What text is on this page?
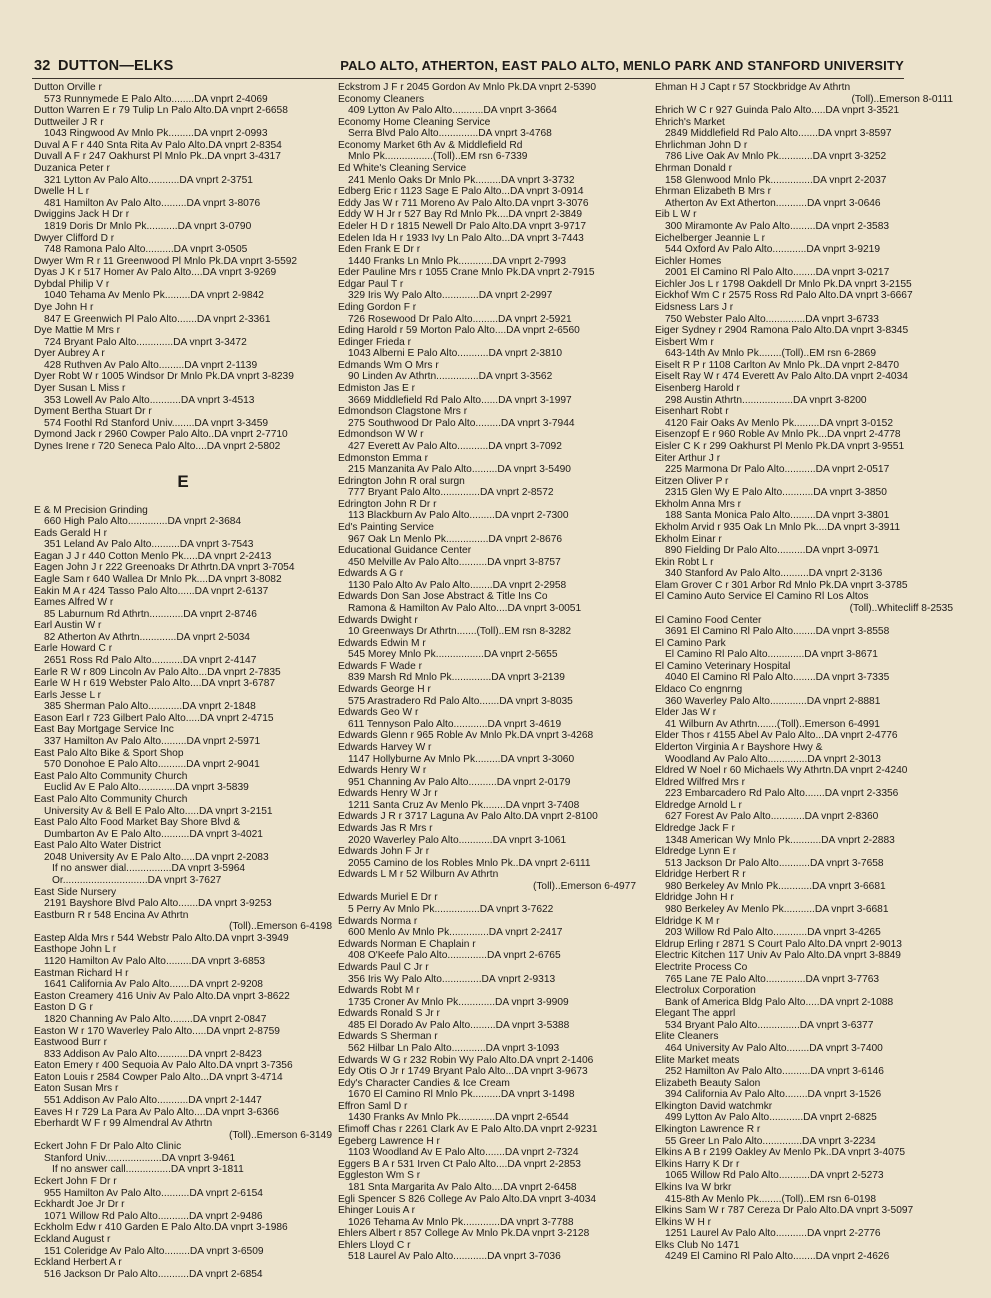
32 DUTTON—ELKS	PALO ALTO, ATHERTON, EAST PALO ALTO, MENLO PARK AND STANFORD UNIVERSITY
Dutton Orville r
573 Runnymede E Palo Alto........DA vnprt 2-4069
Dutton Warren E r 79 Tulip Ln Palo Alto.DA vnprt 2-6658
Duttweiler J R r
1043 Ringwood Av Mnlo Pk.........DA vnprt 2-0993
Duval A F r 440 Snta Rita Av Palo Alto.DA vnprt 2-8354
Duvall A F r 247 Oakhurst Pl Mnlo Pk..DA vnprt 3-4317
Duzanica Peter r
321 Lytton Av Palo Alto...........DA vnprt 2-3751
Dwelle H L r
481 Hamilton Av Palo Alto.........DA vnprt 3-8076
Dwiggins Jack H Dr r
1819 Doris Dr Mnlo Pk...........DA vnprt 3-0790
Dwyer Clifford D r
748 Ramona Palo Alto..........DA vnprt 3-0505
Dwyer Wm R r 11 Greenwood Pl Mnlo Pk.DA vnprt 3-5592
Dyas J K r 517 Homer Av Palo Alto....DA vnprt 3-9269
Dybdal Philip V r
1040 Tehama Av Menlo Pk.........DA vnprt 2-9842
Dye John H r
847 E Greenwich Pl Palo Alto.......DA vnprt 2-3361
Dye Mattie M Mrs r
724 Bryant Palo Alto.............DA vnprt 3-3472
Dyer Aubrey A r
428 Ruthven Av Palo Alto.........DA vnprt 2-1139
Dyer Robt W r 1005 Windsor Dr Mnlo Pk.DA vnprt 3-8239
Dyer Susan L Miss r
353 Lowell Av Palo Alto...........DA vnprt 3-4513
Dyment Bertha Stuart Dr r
574 Foothl Rd Stanford Univ........DA vnprt 3-3459
Dymond Jack r 2960 Cowper Palo Alto..DA vnprt 2-7710
Dynes Irene r 720 Seneca Palo Alto....DA vnprt 2-5802
E
E & M Precision Grinding
660 High Palo Alto..............DA vnprt 2-3684
Eads Gerald H r
351 Leland Av Palo Alto..........DA vnprt 3-7543
Eagan J J r 440 Cotton Menlo Pk.....DA vnprt 2-2413
Eagen John J r 222 Greenoaks Dr Athrtn.DA vnprt 3-7054
Eagle Sam r 640 Wallea Dr Mnlo Pk....DA vnprt 3-8082
Eakin M A r 424 Tasso Palo Alto......DA vnprt 2-6137
Eames Alfred W r
85 Laburnum Rd Athrtn............DA vnprt 2-8746
Earl Austin W r
82 Atherton Av Athrtn.............DA vnprt 2-5034
Earle Howard C r
2651 Ross Rd Palo Alto...........DA vnprt 2-4147
Earle R W r 809 Lincoln Av Palo Alto...DA vnprt 2-7835
Earle W H r 619 Webster Palo Alto....DA vnprt 3-6787
Earls Jesse L r
385 Sherman Palo Alto............DA vnprt 2-1848
Eason Earl r 723 Gilbert Palo Alto.....DA vnprt 2-4715
East Bay Mortgage Service Inc
337 Hamilton Av Palo Alto.........DA vnprt 2-5971
East Palo Alto Bike & Sport Shop
570 Donohoe E Palo Alto..........DA vnprt 2-9041
East Palo Alto Community Church
Euclid Av E Palo Alto.............DA vnprt 3-5839
East Palo Alto Community Church
University Av & Bell E Palo Alto.....DA vnprt 3-2151
East Palo Alto Food Market Bay Shore Blvd &
Dumbarton Av E Palo Alto..........DA vnprt 3-4021
East Palo Alto Water District
2048 University Av E Palo Alto.....DA vnprt 2-2083
If no answer dial................DA vnprt 3-5964
Or..............................DA vnprt 3-7627
East Side Nursery
2191 Bayshore Blvd Palo Alto.......DA vnprt 3-9253
Eastburn R r 548 Encina Av Athrtn
(Toll)..Emerson 6-4198
Eastep Alda Mrs r 544 Webstr Palo Alto.DA vnprt 3-3949
Easthope John L r
1120 Hamilton Av Palo Alto.........DA vnprt 3-6853
Eastman Richard H r
1641 California Av Palo Alto.......DA vnprt 2-9208
Easton Creamery 416 Univ Av Palo Alto.DA vnprt 3-8622
Easton D G r
1820 Channing Av Palo Alto........DA vnprt 2-0847
Easton W r 170 Waverley Palo Alto.....DA vnprt 2-8759
Eastwood Burr r
833 Addison Av Palo Alto...........DA vnprt 2-8423
Eaton Emery r 400 Sequoia Av Palo Alto.DA vnprt 3-7356
Eaton Louis r 2584 Cowper Palo Alto...DA vnprt 3-4714
Eaton Susan Mrs r
551 Addison Av Palo Alto...........DA vnprt 2-1447
Eaves H r 729 La Para Av Palo Alto....DA vnprt 3-6366
Eberhardt W F r 99 Almendral Av Athrtn
(Toll)..Emerson 6-3149
Eckert John F Dr Palo Alto Clinic
Stanford Univ....................DA vnprt 3-9461
If no answer call................DA vnprt 3-1811
Eckert John F Dr r
955 Hamilton Av Palo Alto..........DA vnprt 2-6154
Eckhardt Joe Jr Dr r
1071 Willow Rd Palo Alto...........DA vnprt 2-9486
Eckholm Edw r 410 Garden E Palo Alto.DA vnprt 3-1986
Eckland August r
151 Coleridge Av Palo Alto.........DA vnprt 3-6509
Eckland Herbert A r
516 Jackson Dr Palo Alto...........DA vnprt 2-6854
Eckstrom J F r 2045 Gordon Av Mnlo Pk.DA vnprt 2-5390
Economy Cleaners
409 Lytton Av Palo Alto...........DA vnprt 3-3664
Economy Home Cleaning Service
Serra Blvd Palo Alto..............DA vnprt 3-4768
Economy Market 6th Av & Middlefield Rd
Mnlo Pk.................(Toll)..EM rsn 6-7339
Ed White's Cleaning Service
241 Menlo Oaks Dr Mnlo Pk.........DA vnprt 3-3732
Edberg Eric r 1123 Sage E Palo Alto...DA vnprt 3-0914
Eddy Jas W r 711 Moreno Av Palo Alto.DA vnprt 3-3076
Eddy W H Jr r 527 Bay Rd Mnlo Pk....DA vnprt 2-3849
Edeler H D r 1815 Newell Dr Palo Alto.DA vnprt 3-9717
Edelen Ida H r 1933 Ivy Ln Palo Alto...DA vnprt 3-7443
Eden Frank E Dr r
1440 Franks Ln Mnlo Pk............DA vnprt 2-7993
Eder Pauline Mrs r 1055 Crane Mnlo Pk.DA vnprt 2-7915
Edgar Paul T r
329 Iris Wy Palo Alto.............DA vnprt 2-2997
Eding Gordon F r
726 Rosewood Dr Palo Alto.........DA vnprt 2-5921
Eding Harold r 59 Morton Palo Alto....DA vnprt 2-6560
Edinger Frieda r
1043 Alberni E Palo Alto...........DA vnprt 2-3810
Edmands Wm O Mrs r
90 Linden Av Athrtn...............DA vnprt 3-3562
Edmiston Jas E r
3669 Middlefield Rd Palo Alto......DA vnprt 3-1997
Edmondson Clagstone Mrs r
275 Southwood Dr Palo Alto.........DA vnprt 3-7944
Edmondson W W r
427 Everett Av Palo Alto...........DA vnprt 3-7092
Edmonston Emma r
215 Manzanita Av Palo Alto.........DA vnprt 3-5490
Edrington John R oral surgn
777 Bryant Palo Alto..............DA vnprt 2-8572
Edrington John R Dr r
113 Blackburn Av Palo Alto.........DA vnprt 2-7300
Ed's Painting Service
967 Oak Ln Menlo Pk...............DA vnprt 2-8676
Educational Guidance Center
450 Melville Av Palo Alto..........DA vnprt 3-8757
Edwards A G r
1130 Palo Alto Av Palo Alto........DA vnprt 2-2958
Edwards Don San Jose Abstract & Title Ins Co
Ramona & Hamilton Av Palo Alto....DA vnprt 3-0051
Edwards Dwight r
10 Greenways Dr Athrtn.......(Toll)..EM rsn 8-3282
Edwards Edwin M r
545 Morey Mnlo Pk.................DA vnprt 2-5655
Edwards F Wade r
839 Marsh Rd Mnlo Pk..............DA vnprt 3-2139
Edwards George H r
575 Arastradero Rd Palo Alto.......DA vnprt 3-8035
Edwards Geo W r
611 Tennyson Palo Alto............DA vnprt 3-4619
Edwards Glenn r 965 Roble Av Mnlo Pk.DA vnprt 3-4268
Edwards Harvey W r
1147 Hollyburne Av Mnlo Pk.........DA vnprt 3-3060
Edwards Henry W r
951 Channing Av Palo Alto..........DA vnprt 2-0179
Edwards Henry W Jr r
1211 Santa Cruz Av Menlo Pk........DA vnprt 3-7408
Edwards J R r 3717 Laguna Av Palo Alto.DA vnprt 2-8100
Edwards Jas R Mrs r
2020 Waverley Palo Alto............DA vnprt 3-1061
Edwards John F Jr r
2055 Camino de los Robles Mnlo Pk..DA vnprt 2-6111
Edwards L M r 52 Wilburn Av Athrtn
(Toll)..Emerson 6-4977
Edwards Muriel E Dr r
5 Perry Av Mnlo Pk................DA vnprt 3-7622
Edwards Norma r
600 Menlo Av Mnlo Pk..............DA vnprt 2-2417
Edwards Norman E Chaplain r
408 O'Keefe Palo Alto..............DA vnprt 2-6765
Edwards Paul C Jr r
356 Iris Wy Palo Alto..............DA vnprt 2-9313
Edwards Robt M r
1735 Croner Av Mnlo Pk.............DA vnprt 3-9909
Edwards Ronald S Jr r
485 El Dorado Av Palo Alto.........DA vnprt 3-5388
Edwards S Sherman r
562 Hilbar Ln Palo Alto............DA vnprt 3-1093
Edwards W G r 232 Robin Wy Palo Alto.DA vnprt 2-1406
Edy Otis O Jr r 1749 Bryant Palo Alto...DA vnprt 3-9673
Edy's Character Candies & Ice Cream
1670 El Camino Rl Mnlo Pk..........DA vnprt 3-1498
Effron Saml D r
1430 Franks Av Mnlo Pk.............DA vnprt 2-6544
Efimoff Chas r 2261 Clark Av E Palo Alto.DA vnprt 2-9231
Egeberg Lawrence H r
1103 Woodland Av E Palo Alto.......DA vnprt 2-7324
Eggers B A r 531 Irven Ct Palo Alto....DA vnprt 2-2853
Eggleston Wm S r
181 Snta Margarita Av Palo Alto....DA vnprt 2-6458
Egli Spencer S 826 College Av Palo Alto.DA vnprt 3-4034
Ehinger Louis A r
1026 Tehama Av Mnlo Pk.............DA vnprt 3-7788
Ehlers Albert r 857 College Av Mnlo Pk.DA vnprt 3-2128
Ehlers Lloyd C r
518 Laurel Av Palo Alto............DA vnprt 3-7036
Ehman H J Capt r 57 Stockbridge Av Athrtn
(Toll)..Emerson 8-0111
Ehrich W C r 927 Guinda Palo Alto.....DA vnprt 3-3521
Ehrich's Market
2849 Middlefield Rd Palo Alto.......DA vnprt 3-8597
Ehrlichman John D r
786 Live Oak Av Mnlo Pk............DA vnprt 3-3252
Ehrman Donald r
158 Glenwood Mnlo Pk...............DA vnprt 2-2037
Ehrman Elizabeth B Mrs r
Atherton Av Ext Atherton...........DA vnprt 3-0646
Eib L W r
300 Miramonte Av Palo Alto.........DA vnprt 2-3583
Eichelberger Jeannie L r
544 Oxford Av Palo Alto............DA vnprt 3-9219
Eichler Homes
2001 El Camino Rl Palo Alto........DA vnprt 3-0217
Eichler Jos L r 1798 Oakdell Dr Mnlo Pk.DA vnprt 3-2155
Eickhof Wm C r 2575 Ross Rd Palo Alto.DA vnprt 3-6667
Eidsness Lars J r
750 Webster Palo Alto..............DA vnprt 3-6733
Eiger Sydney r 2904 Ramona Palo Alto.DA vnprt 3-8345
Eisbert Wm r
643-14th Av Mnlo Pk........(Toll)..EM rsn 6-2869
Eiselt R P r 1108 Carlton Av Mnlo Pk..DA vnprt 2-8470
Eiselt Ray W r 474 Everett Av Palo Alto.DA vnprt 2-4034
Eisenberg Harold r
298 Austin Athrtn..................DA vnprt 3-8200
Eisenhart Robt r
4120 Fair Oaks Av Menlo Pk.........DA vnprt 3-0152
Eisenzopf E r 960 Roble Av Mnlo Pk...DA vnprt 2-4778
Eisler C K r 299 Oakhurst Pl Menlo Pk.DA vnprt 3-9551
Eiter Arthur J r
225 Marmona Dr Palo Alto...........DA vnprt 2-0517
Eitzen Oliver P r
2315 Glen Wy E Palo Alto...........DA vnprt 3-3850
Ekholm Anna Mrs r
188 Santa Monica Palo Alto.........DA vnprt 3-3801
Ekholm Arvid r 935 Oak Ln Mnlo Pk....DA vnprt 3-3911
Ekholm Einar r
890 Fielding Dr Palo Alto..........DA vnprt 3-0971
Ekin Robt L r
340 Stanford Av Palo Alto..........DA vnprt 2-3136
Elam Grover C r 301 Arbor Rd Mnlo Pk.DA vnprt 3-3785
El Camino Auto Service El Camino Rl Los Altos
(Toll)..Whitecliff 8-2535
El Camino Food Center
3691 El Camino Rl Palo Alto........DA vnprt 3-8558
El Camino Park
El Camino Rl Palo Alto.............DA vnprt 3-8671
El Camino Veterinary Hospital
4040 El Camino Rl Palo Alto........DA vnprt 3-7335
Eldaco Co engnrng
360 Waverley Palo Alto.............DA vnprt 2-8881
Elder Jas W r
41 Wilburn Av Athrtn.......(Toll)..Emerson 6-4991
Elder Thos r 4155 Abel Av Palo Alto...DA vnprt 2-4776
Elderton Virginia A r Bayshore Hwy &
Woodland Av Palo Alto..............DA vnprt 2-3013
Eldred W Noel r 60 Michaels Wy Athrtn.DA vnprt 2-4240
Eldred Wilfred Mrs r
223 Embarcadero Rd Palo Alto.......DA vnprt 2-3356
Eldredge Arnold L r
627 Forest Av Palo Alto............DA vnprt 2-8360
Eldredge Jack F r
1348 American Wy Mnlo Pk...........DA vnprt 2-2883
Eldredge Lynn E r
513 Jackson Dr Palo Alto...........DA vnprt 3-7658
Eldridge Herbert R r
980 Berkeley Av Mnlo Pk............DA vnprt 3-6681
Eldridge John H r
980 Berkeley Av Menlo Pk...........DA vnprt 3-6681
Eldridge K M r
203 Willow Rd Palo Alto............DA vnprt 3-4265
Eldrup Erling r 2871 S Court Palo Alto.DA vnprt 2-9013
Electric Kitchen 117 Univ Av Palo Alto.DA vnprt 3-8849
Electrite Process Co
765 Lane 7E Palo Alto..............DA vnprt 3-7763
Electrolux Corporation
Bank of America Bldg Palo Alto.....DA vnprt 2-1088
Elegant The apprl
534 Bryant Palo Alto...............DA vnprt 3-6377
Elite Cleaners
464 University Av Palo Alto........DA vnprt 3-7400
Elite Market meats
252 Hamilton Av Palo Alto..........DA vnprt 3-6146
Elizabeth Beauty Salon
394 California Av Palo Alto........DA vnprt 3-1526
Elkington David watchmkr
499 Lytton Av Palo Alto............DA vnprt 2-6825
Elkington Lawrence R r
55 Greer Ln Palo Alto..............DA vnprt 3-2234
Elkins A B r 2199 Oakley Av Menlo Pk..DA vnprt 3-4075
Elkins Harry K Dr r
1065 Willow Rd Palo Alto...........DA vnprt 2-5273
Elkins Iva W brkr
415-8th Av Menlo Pk........(Toll)..EM rsn 6-0198
Elkins Sam W r 787 Cereza Dr Palo Alto.DA vnprt 3-5097
Elkins W H r
1251 Laurel Av Palo Alto...........DA vnprt 2-2776
Elks Club No 1471
4249 El Camino Rl Palo Alto........DA vnprt 2-4626
